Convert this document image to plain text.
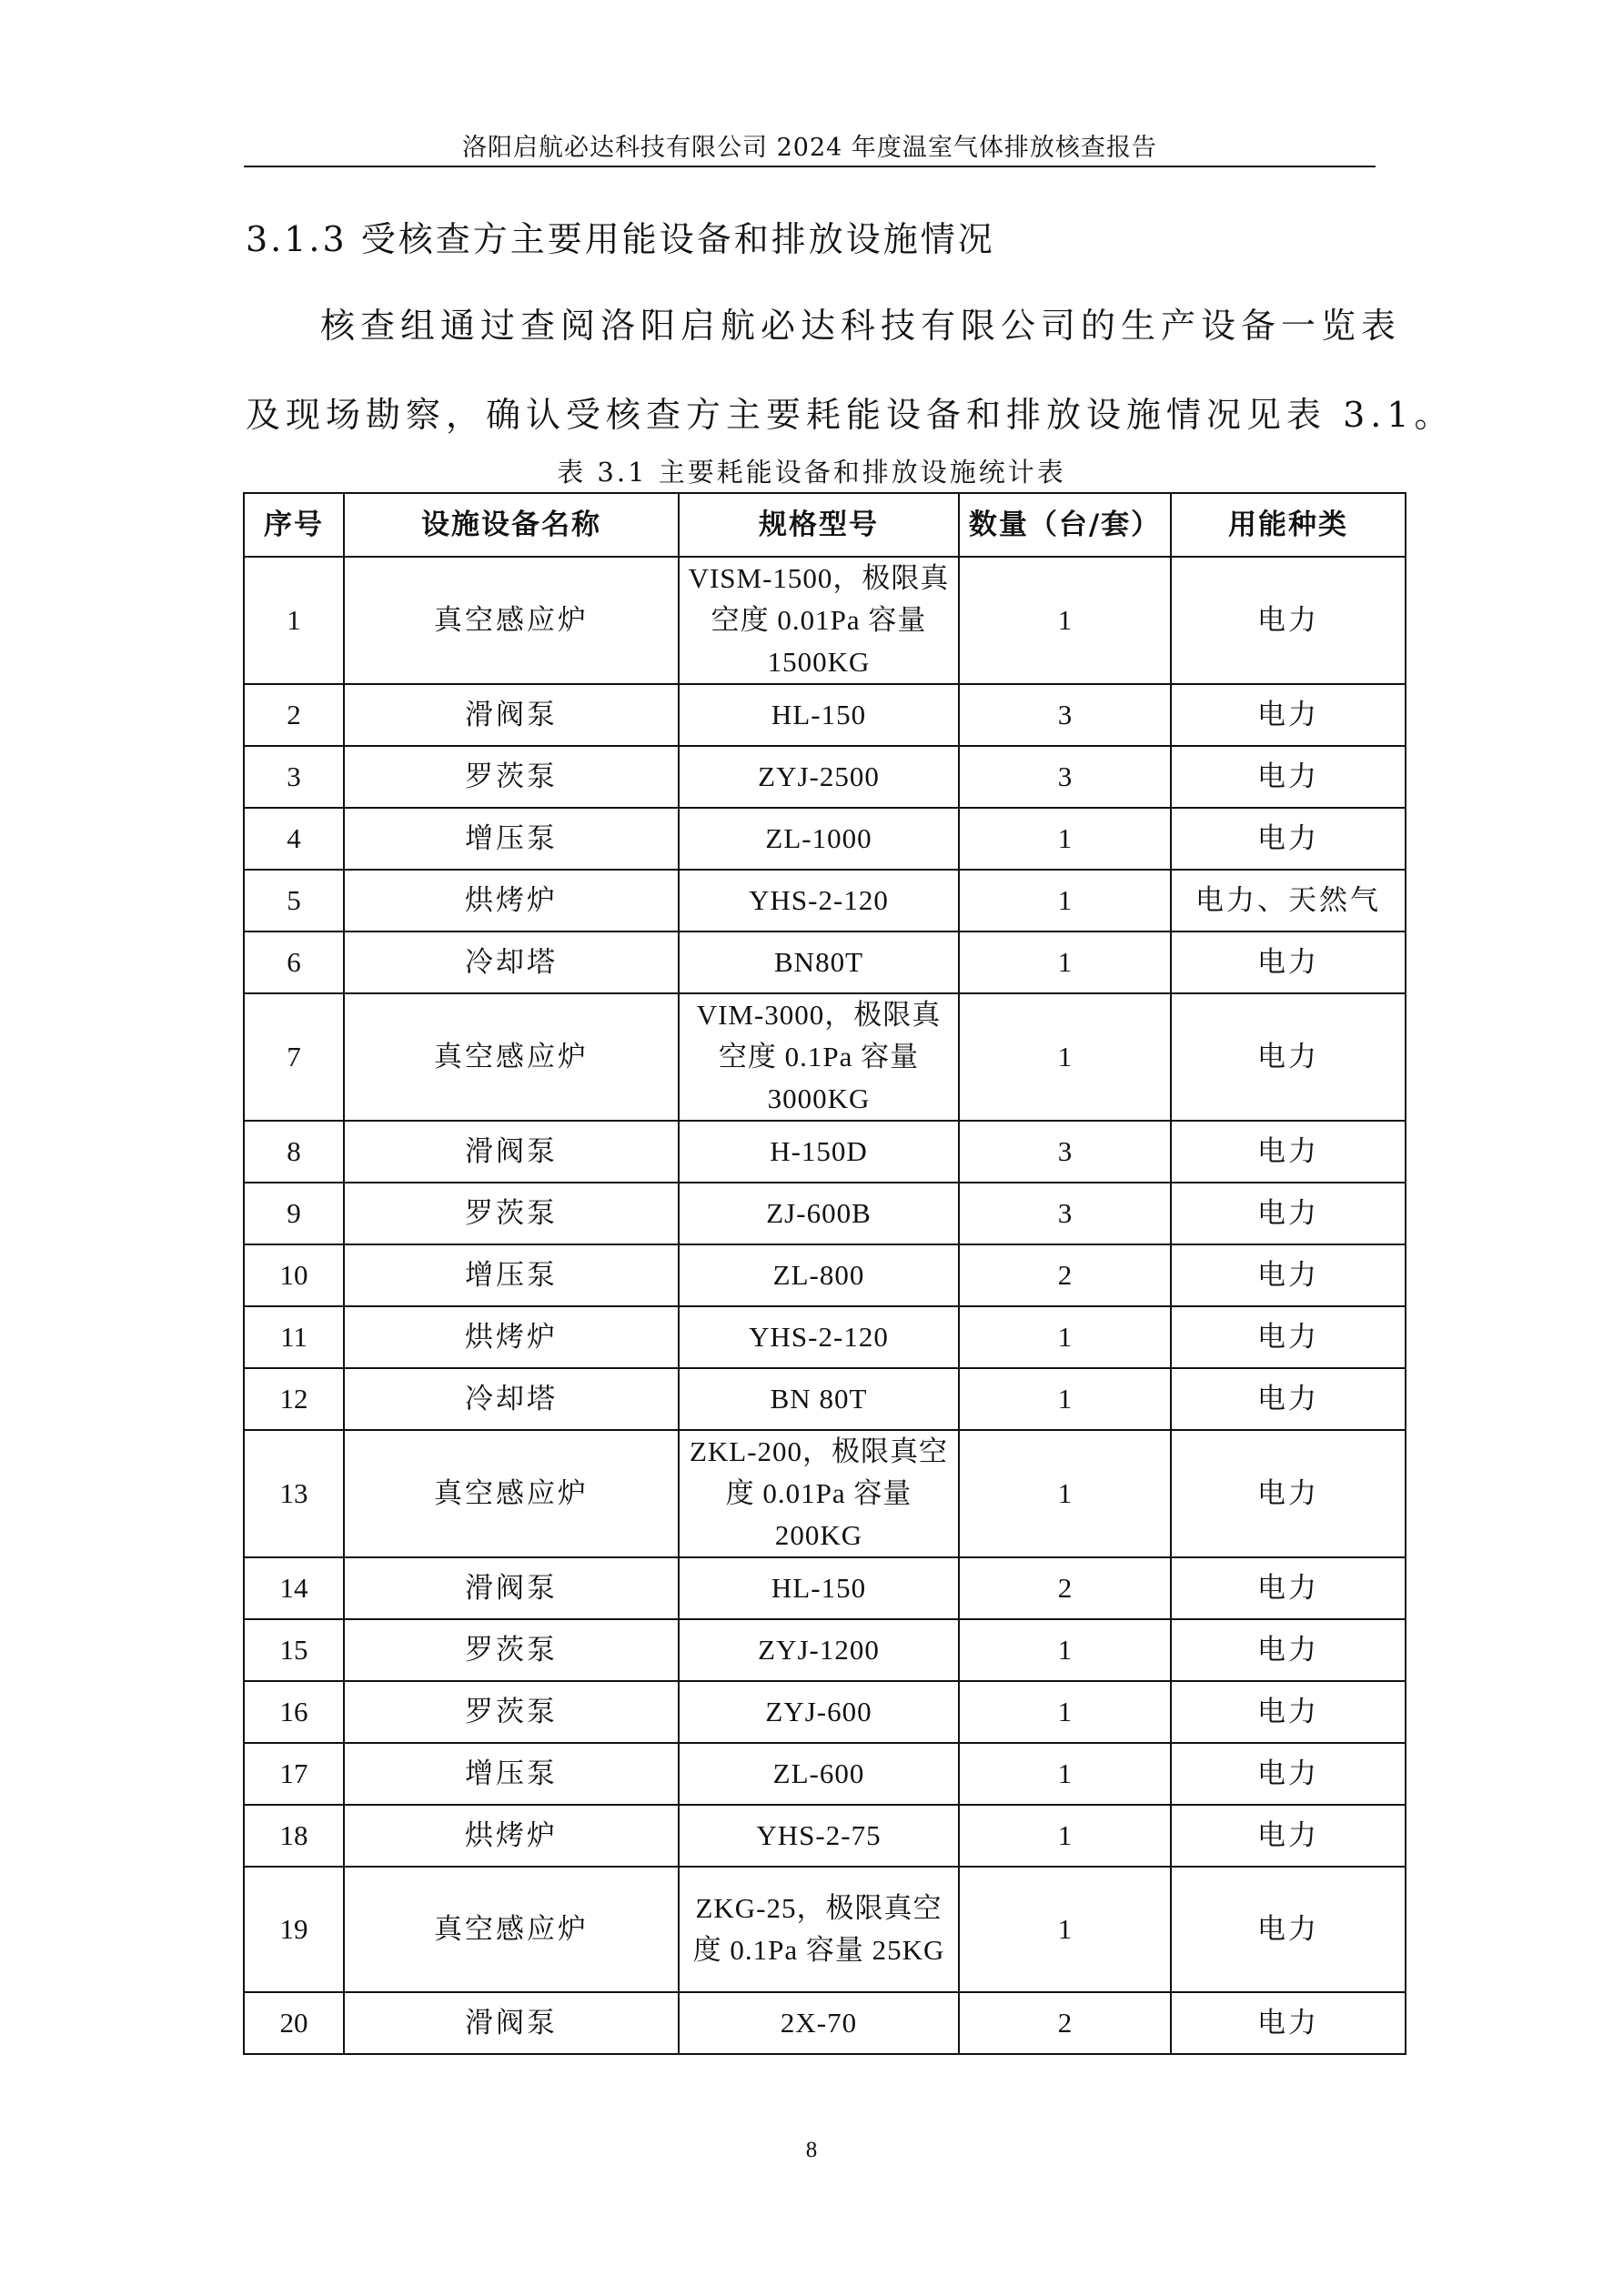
洛阳启航必达科技有限公司 2024 年度温室气体排放核查报告
3.1.3 受核查方主要用能设备和排放设施情况
核查组通过查阅洛阳启航必达科技有限公司的生产设备一览表
及现场勘察，确认受核查方主要耗能设备和排放设施情况见表 3.1。
表 3.1 主要耗能设备和排放设施统计表
序号	设施设备名称	规格型号	数量（台/套）	用能种类
1	真空感应炉	VISM-1500，极限真空度 0.01Pa 容量 1500KG	1	电力
2	滑阀泵	HL-150	3	电力
3	罗茨泵	ZYJ-2500	3	电力
4	增压泵	ZL-1000	1	电力
5	烘烤炉	YHS-2-120	1	电力、天然气
6	冷却塔	BN80T	1	电力
7	真空感应炉	VIM-3000，极限真空度 0.1Pa 容量 3000KG	1	电力
8	滑阀泵	H-150D	3	电力
9	罗茨泵	ZJ-600B	3	电力
10	增压泵	ZL-800	2	电力
11	烘烤炉	YHS-2-120	1	电力
12	冷却塔	BN 80T	1	电力
13	真空感应炉	ZKL-200，极限真空度 0.01Pa 容量 200KG	1	电力
14	滑阀泵	HL-150	2	电力
15	罗茨泵	ZYJ-1200	1	电力
16	罗茨泵	ZYJ-600	1	电力
17	增压泵	ZL-600	1	电力
18	烘烤炉	YHS-2-75	1	电力
19	真空感应炉	ZKG-25，极限真空度 0.1Pa 容量 25KG	1	电力
20	滑阀泵	2X-70	2	电力
8
